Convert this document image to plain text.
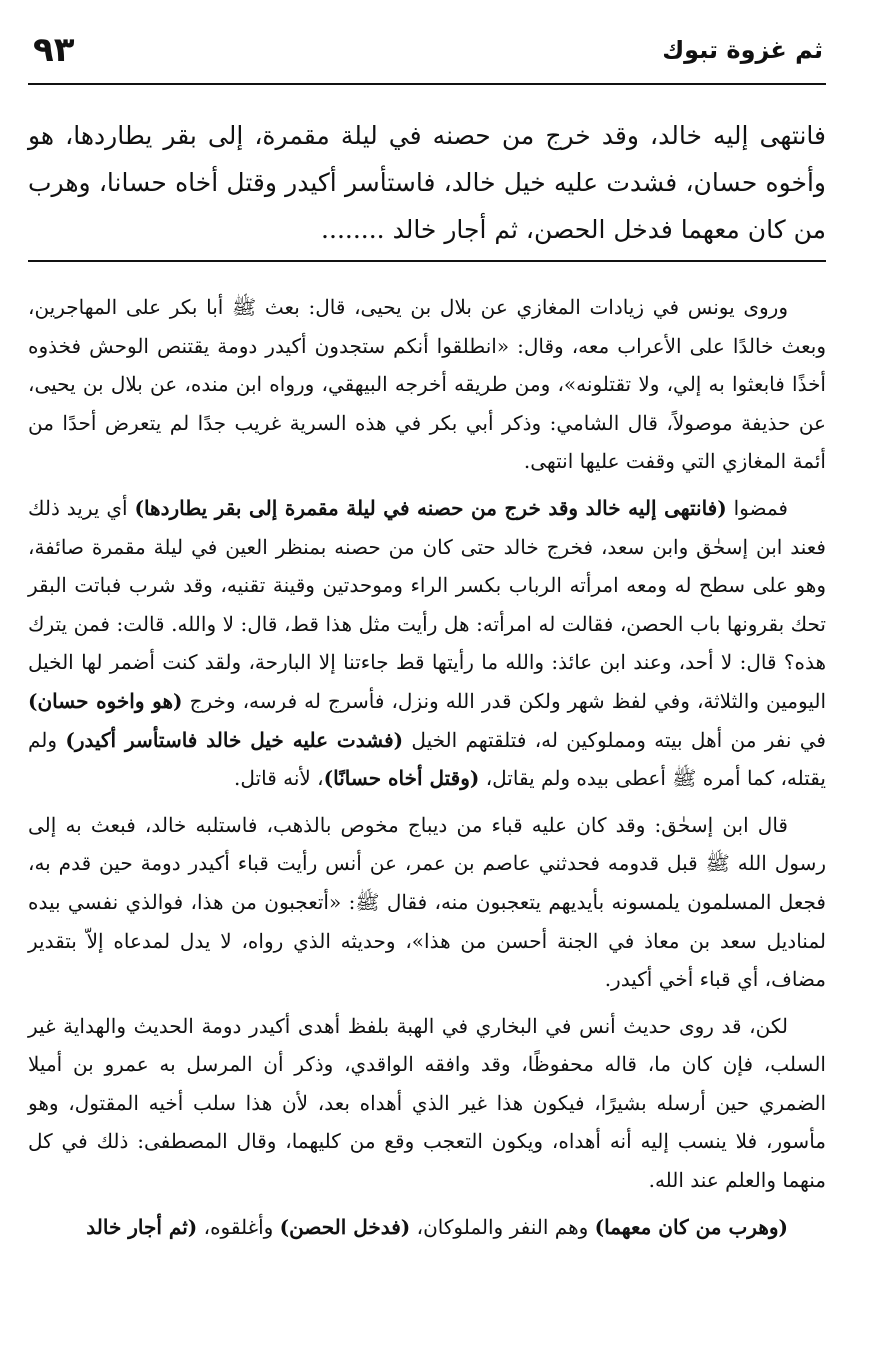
٩٣	ثم غزوة تبوك
فانتهى إليه خالد، وقد خرج من حصنه في ليلة مقمرة، إلى بقر يطاردها، هو وأخوه حسان، فشدت عليه خيل خالد، فاستأسر أكيدر وقتل أخاه حسانا، وهرب من كان معهما فدخل الحصن، ثم أجار خالد ........

وروى يونس في زيادات المغازي عن بلال بن يحيى، قال: بعث ﷺ أبا بكر على المهاجرين، وبعث خالدًا على الأعراب معه، وقال: «انطلقوا أنكم ستجدون أكيدر دومة يقتنص الوحش فخذوه أخذًا فابعثوا به إلي، ولا تقتلونه»، ومن طريقه أخرجه البيهقي، ورواه ابن منده، عن بلال بن يحيى، عن حذيفة موصولاً، قال الشامي: وذكر أبي بكر في هذه السرية غريب جدًا لم يتعرض أحدًا من أئمة المغازي التي وقفت عليها انتهى.

فمضوا (فانتهى إليه خالد وقد خرج من حصنه في ليلة مقمرة إلى بقر يطاردها) أي يريد ذلك فعند ابن إسحٰق وابن سعد، فخرج خالد حتى كان من حصنه بمنظر العين في ليلة مقمرة صائفة، وهو على سطح له ومعه امرأته الرباب بكسر الراء وموحدتين وقينة تقنيه، وقد شرب فباتت البقر تحك بقرونها باب الحصن، فقالت له امرأته: هل رأيت مثل هذا قط، قال: لا والله. قالت: فمن يترك هذه؟ قال: لا أحد، وعند ابن عائذ: والله ما رأيتها قط جاءتنا إلا البارحة، ولقد كنت أضمر لها الخيل اليومين والثلاثة، وفي لفظ شهر ولكن قدر الله ونزل، فأسرج له فرسه، وخرج (هو واخوه حسان) في نفر من أهل بيته ومملوكين له، فتلقتهم الخيل (فشدت عليه خيل خالد فاستأسر أكيدر) ولم يقتله، كما أمره ﷺ أعطى بيده ولم يقاتل، (وقتل أخاه حسانًا)، لأنه قاتل.

قال ابن إسحٰق: وقد كان عليه قباء من ديباج مخوص بالذهب، فاستلبه خالد، فبعث به إلى رسول الله ﷺ قبل قدومه فحدثني عاصم بن عمر، عن أنس رأيت قباء أكيدر دومة حين قدم به، فجعل المسلمون يلمسونه بأيديهم يتعجبون منه، فقال ﷺ: «أتعجبون من هذا، فوالذي نفسي بيده لمناديل سعد بن معاذ في الجنة أحسن من هذا»، وحديثه الذي رواه، لا يدل لمدعاه إلاّ بتقدير مضاف، أي قباء أخي أكيدر.

لكن، قد روى حديث أنس في البخاري في الهبة بلفظ أهدى أكيدر دومة الحديث والهداية غير السلب، فإن كان ما، قاله محفوظًا، وقد وافقه الواقدي، وذكر أن المرسل به عمرو بن أميلا الضمري حين أرسله بشيرًا، فيكون هذا غير الذي أهداه بعد، لأن هذا سلب أخيه المقتول، وهو مأسور، فلا ينسب إليه أنه أهداه، ويكون التعجب وقع من كليهما، وقال المصطفى: ذلك في كل منهما والعلم عند الله.

(وهرب من كان معهما) وهم النفر والملوكان، (فدخل الحصن) وأغلقوه، (ثم أجار خالد
